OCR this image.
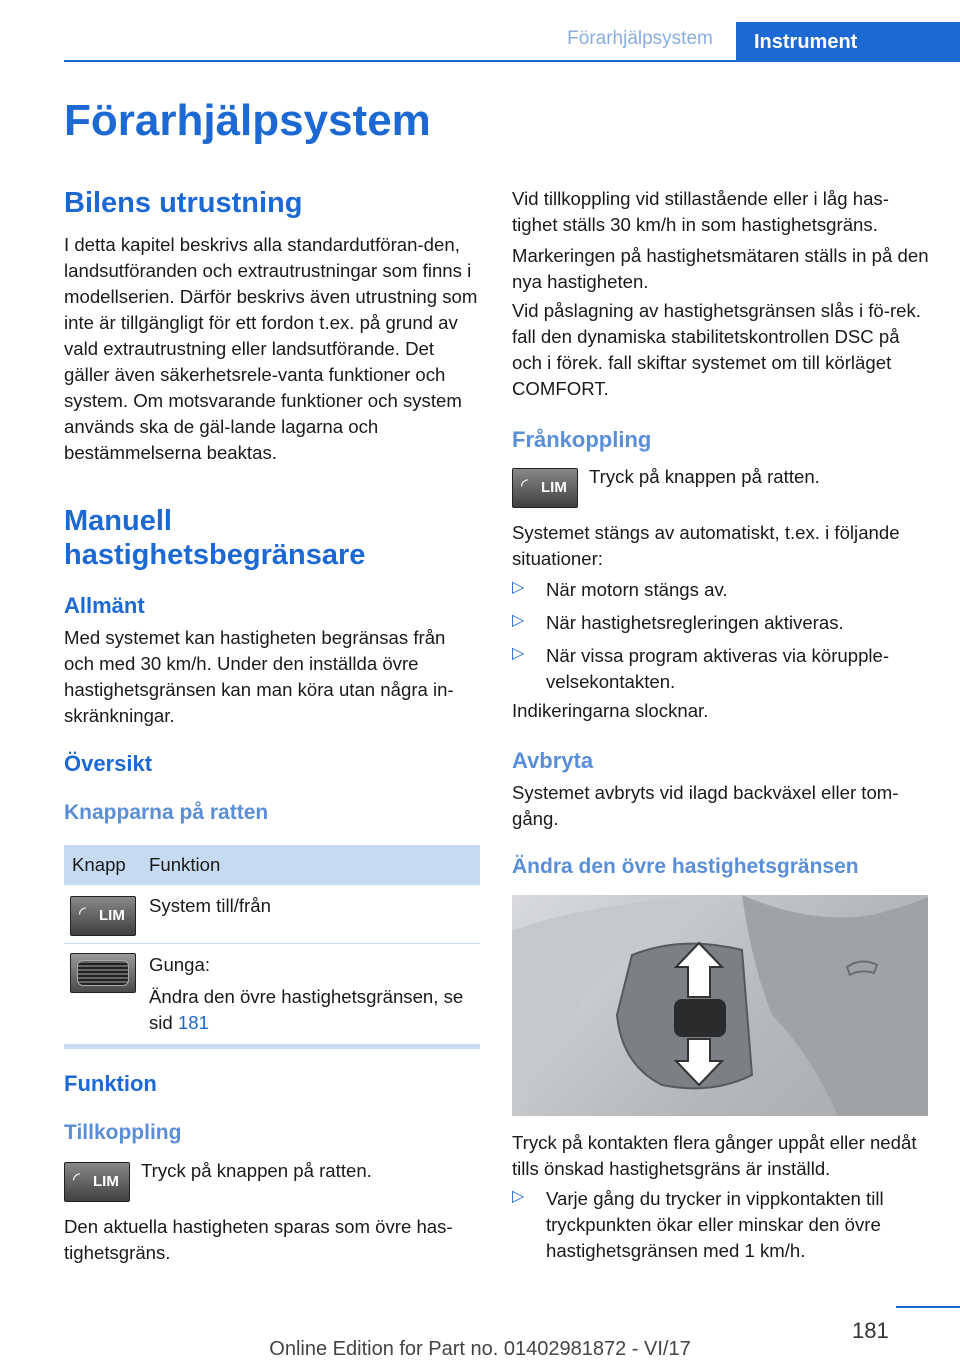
Förarhjälpsystem	Instrument
Förarhjälpsystem
Bilens utrustning

I detta kapitel beskrivs alla standardutföran-den, landsutföranden och extrautrustningar som finns i modellserien. Därför beskrivs även utrustning som inte är tillgängligt för ett fordon t.ex. på grund av vald extrautrustning eller landsutförande. Det gäller även säkerhetsrele-vanta funktioner och system. Om motsvarande funktioner och system används ska de gäl-lande lagarna och bestämmelserna beaktas.

Manuell
hastighetsbegränsare
Allmänt

Med systemet kan hastigheten begränsas från och med 30 km/h. Under den inställda övre hastighetsgränsen kan man köra utan några in-skränkningar.

Översikt
Knapparna på ratten
Knapp Funktion
◜ LIM System till/från

Gunga:

Ändra den övre hastighetsgränsen, se sid 181

Funktion
Tillkoppling
◜ LIM

Tryck på knappen på ratten.

Den aktuella hastigheten sparas som övre has-tighetsgräns.

Vid tillkoppling vid stillastående eller i låg has-tighet ställs 30 km/h in som hastighetsgräns.

Markeringen på hastighetsmätaren ställs in på den nya hastigheten.

Vid påslagning av hastighetsgränsen slås i fö-rek. fall den dynamiska stabilitetskontrollen DSC på och i förek. fall skiftar systemet om till körläget COMFORT.

Frånkoppling
◜ LIM

Tryck på knappen på ratten.

Systemet stängs av automatiskt, t.ex. i följande situationer:

▷ När motorn stängs av.

▷ När hastighetsregleringen aktiveras.

▷ När vissa program aktiveras via körupple-velsekontakten.

Indikeringarna slocknar.

Avbryta

Systemet avbryts vid ilagd backväxel eller tom-gång.

Ändra den övre hastighetsgränsen

Tryck på kontakten flera gånger uppåt eller nedåt tills önskad hastighetsgräns är inställd.

▷ Varje gång du trycker in vippkontakten till tryckpunkten ökar eller minskar den övre hastighetsgränsen med 1 km/h.

181
Online Edition for Part no. 01402981872 - VI/17
